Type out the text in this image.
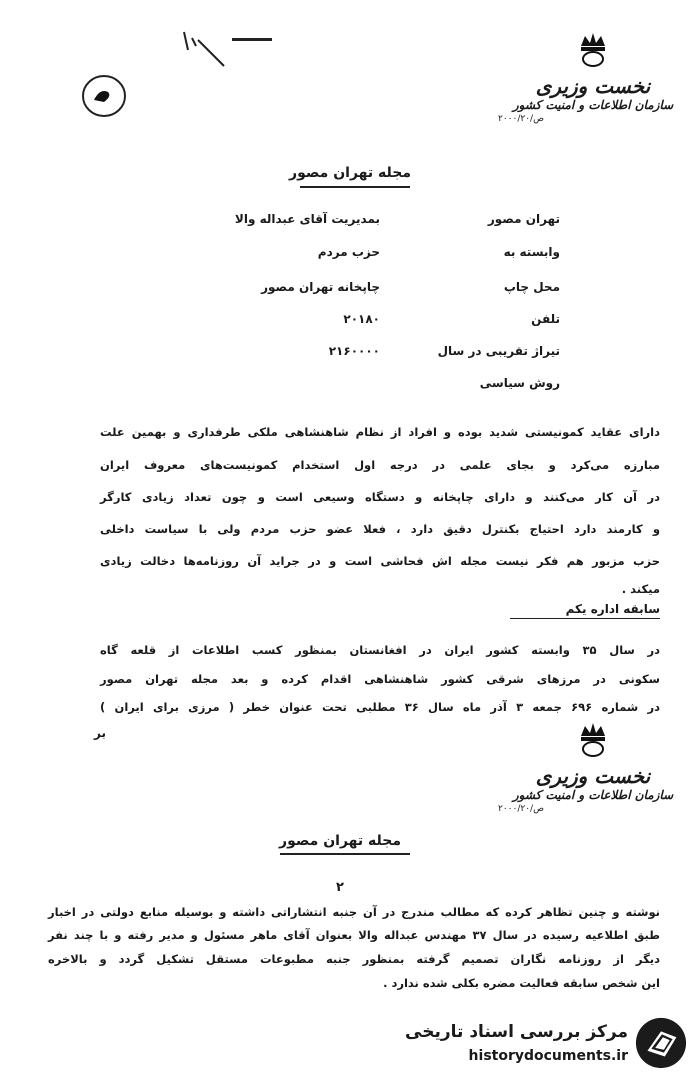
نخست وزیری
سازمان اطلاعات و امنیت کشور
ص/۲۰۰۰/۲۰
مجله تهران مصور
تهران مصور
بمدیریت آقای عبداله والا
وابسته به
حزب مردم
محل چاپ
چاپخانه تهران مصور
تلفن
۲۰۱۸۰
تیراژ تقریبی در سال
۲۱۶۰۰۰۰
روش سیاسی
دارای عقاید کمونیستی شدید بوده و افراد از نظام شاهنشاهی ملکی طرفداری و بهمین علت
مبارزه می‌کرد و بجای علمی در درجه اول استخدام کمونیست‌های معروف ایران
در آن کار می‌کنند و دارای چاپخانه و دستگاه وسیعی است و چون تعداد زیادی کارگر
و کارمند دارد احتیاج بکنترل دقیق دارد ، فعلا عضو حزب مردم ولی با سیاست داخلی
حزب مزبور هم فکر نیست مجله اش فحاشی است و در جراید آن روزنامه‌ها دخالت زیادی
میکند .
سابقه اداره یکم
در سال ۳۵ وابسته کشور ایران در افغانستان بمنظور کسب اطلاعات از قلعه گاه
سکونی در مرزهای شرقی کشور شاهنشاهی اقدام کرده و بعد مجله تهران مصور
در شماره ۶۹۶ جمعه ۳ آذر ماه سال ۳۶ مطلبی تحت عنوان خطر ( مرزی برای ایران )
بر
نخست وزیری
سازمان اطلاعات و امنیت کشور
ص/۲۰۰۰/۲۰
مجله تهران مصور
۲
نوشته و چنین تظاهر کرده که مطالب مندرج در آن جنبه انتشاراتی داشته و بوسیله منابع دولتی در اخبار
طبق اطلاعیه رسیده در سال ۳۷ مهندس عبداله والا بعنوان آقای ماهر مسئول و مدیر رفته و با چند نفر
دیگر از روزنامه نگاران تصمیم گرفته بمنظور جنبه مطبوعات مستقل تشکیل گردد و بالاخره
این شخص سابقه فعالیت مضره بکلی شده ندارد .
مرکز بررسی اسناد تاریخی
historydocuments.ir
